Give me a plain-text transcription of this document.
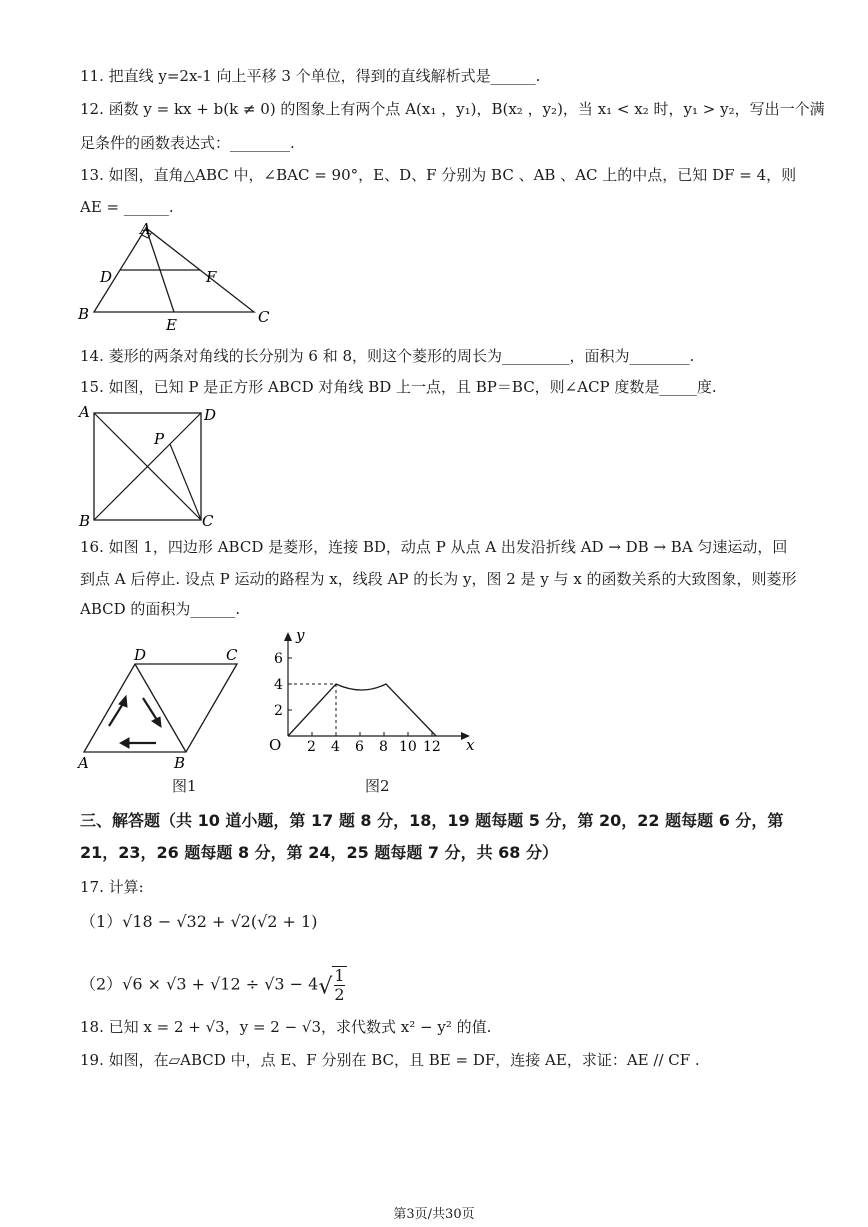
11. 把直线 y=2x-1 向上平移 3 个单位，得到的直线解析式是______.
12. 函数 y = kx + b(k ≠ 0) 的图象上有两个点 A(x₁ ，y₁)，B(x₂ ，y₂)，当 x₁ < x₂ 时，y₁ > y₂，写出一个满
足条件的函数表达式：________.
13. 如图，直角△ABC 中，∠BAC = 90°，E、D、F 分别为 BC 、AB 、AC 上的中点，已知 DF = 4，则
AE = ______.
A
B	C
D
E
F
14. 菱形的两条对角线的长分别为 6 和 8，则这个菱形的周长为_________，面积为________.
15. 如图，已知 P 是正方形 ABCD 对角线 BD 上一点，且 BP＝BC，则∠ACP 度数是_____度.
A	D
B	C
P
16. 如图 1，四边形 ABCD 是菱形，连接 BD，动点 P 从点 A 出发沿折线 AD → DB → BA 匀速运动，回
到点 A 后停止. 设点 P 运动的路程为 x，线段 AP 的长为 y，图 2 是 y 与 x 的函数关系的大致图象，则菱形
ABCD 的面积为______.
D	C
A	B
图1
O	x
y
2 4 6 8 10 12
2
4
6
图2
三、解答题（共 10 道小题，第 17 题 8 分，18，19 题每题 5 分，第 20，22 题每题 6 分，第
21，23，26 题每题 8 分，第 24，25 题每题 7 分，共 68 分）
17. 计算:
（1）√18 − √32 + √2(√2 + 1)
$(2)√6 \times √3 + √12 \div √3 - 4√ \frac{1}{2}$
18. 已知 x = 2 + √3，y = 2 − √3，求代数式 x² − y² 的值.
19. 如图，在▱ABCD 中，点 E、F 分别在 BC，且 BE = DF，连接 AE，求证：AE // CF .
第3页/共30页
